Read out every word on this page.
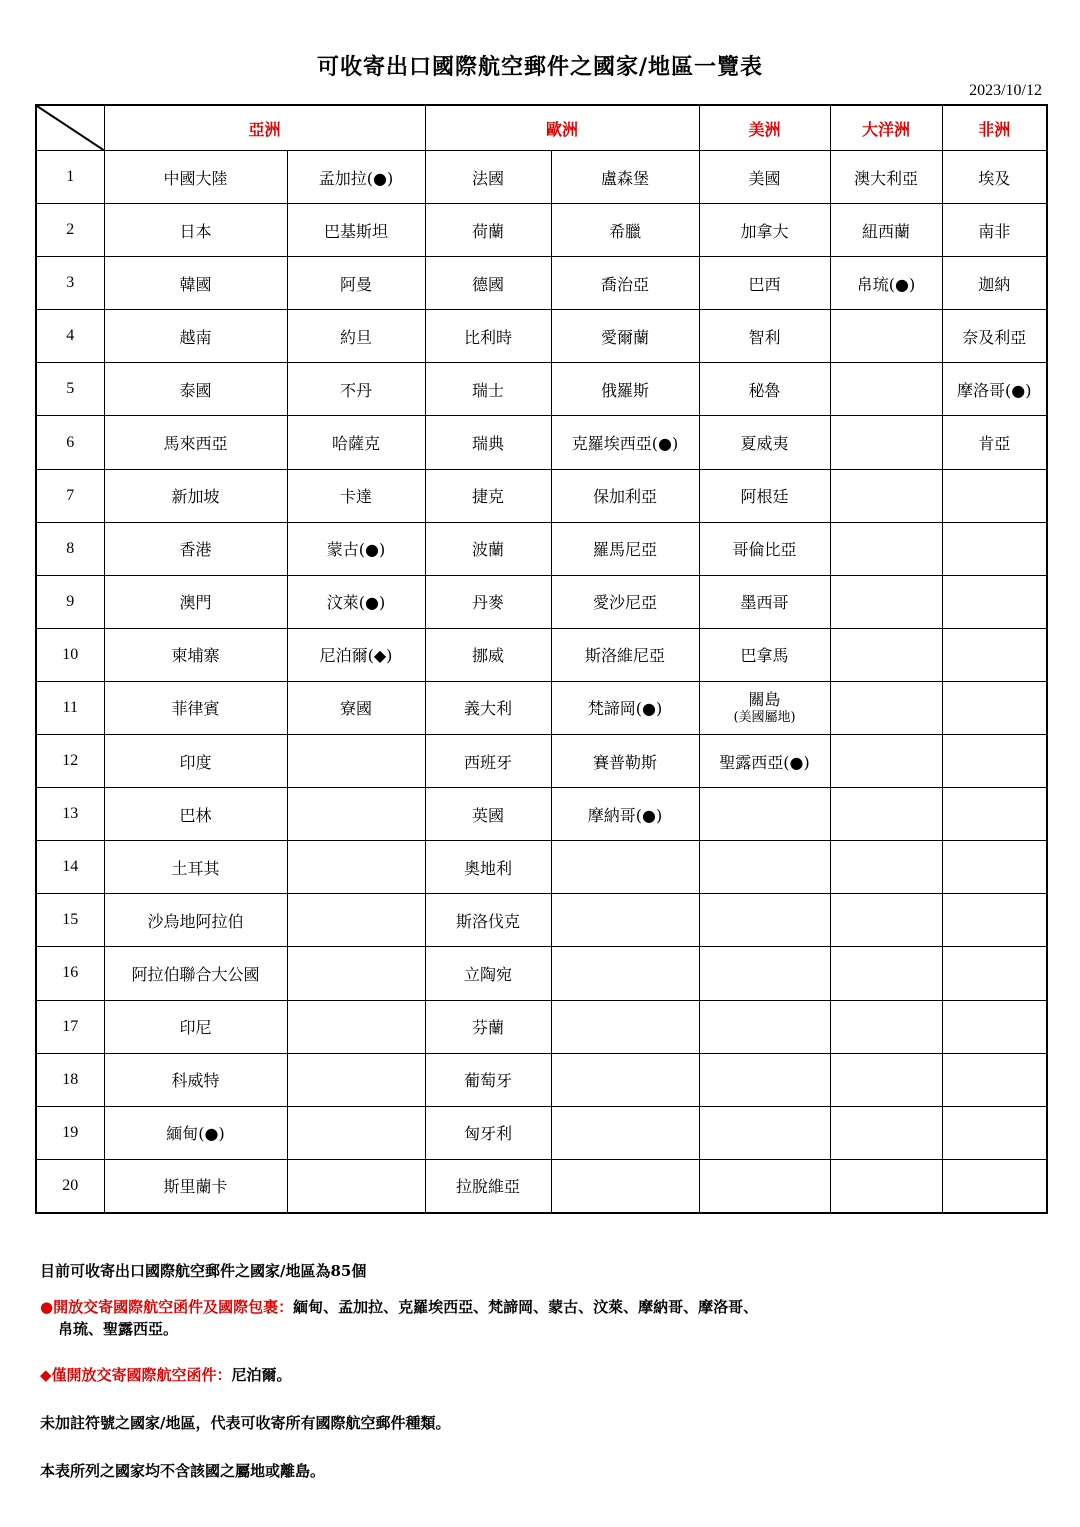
可收寄出口國際航空郵件之國家/地區一覽表
2023/10/12
	亞洲		歐洲		美洲	大洋洲	非洲
1	中國大陸	孟加拉(●)	法國	盧森堡	美國	澳大利亞	埃及
2	日本	巴基斯坦	荷蘭	希臘	加拿大	紐西蘭	南非
3	韓國	阿曼	德國	喬治亞	巴西	帛琉(●)	迦納
4	越南	約旦	比利時	愛爾蘭	智利		奈及利亞
5	泰國	不丹	瑞士	俄羅斯	秘魯		摩洛哥(●)
6	馬來西亞	哈薩克	瑞典	克羅埃西亞(●)	夏威夷		肯亞
7	新加坡	卡達	捷克	保加利亞	阿根廷		
8	香港	蒙古(●)	波蘭	羅馬尼亞	哥倫比亞		
9	澳門	汶萊(●)	丹麥	愛沙尼亞	墨西哥		
10	柬埔寨	尼泊爾(◆)	挪威	斯洛維尼亞	巴拿馬		
11	菲律賓	寮國	義大利	梵諦岡(●)	關島
(美國屬地)		

12	印度		西班牙	賽普勒斯	聖露西亞(●)		
13	巴林		英國	摩納哥(●)			
14	土耳其		奧地利				
15	沙烏地阿拉伯		斯洛伐克				
16	阿拉伯聯合大公國		立陶宛				
17	印尼		芬蘭				
18	科威特		葡萄牙				
19	緬甸(●)		匈牙利				
20	斯里蘭卡		拉脫維亞				

目前可收寄出口國際航空郵件之國家/地區為85個

●開放交寄國際航空函件及國際包裹：緬甸、孟加拉、克羅埃西亞、梵諦岡、蒙古、汶萊、摩納哥、摩洛哥、
帛琉、聖露西亞。

◆僅開放交寄國際航空函件：尼泊爾。

未加註符號之國家/地區，代表可收寄所有國際航空郵件種類。

本表所列之國家均不含該國之屬地或離島。
